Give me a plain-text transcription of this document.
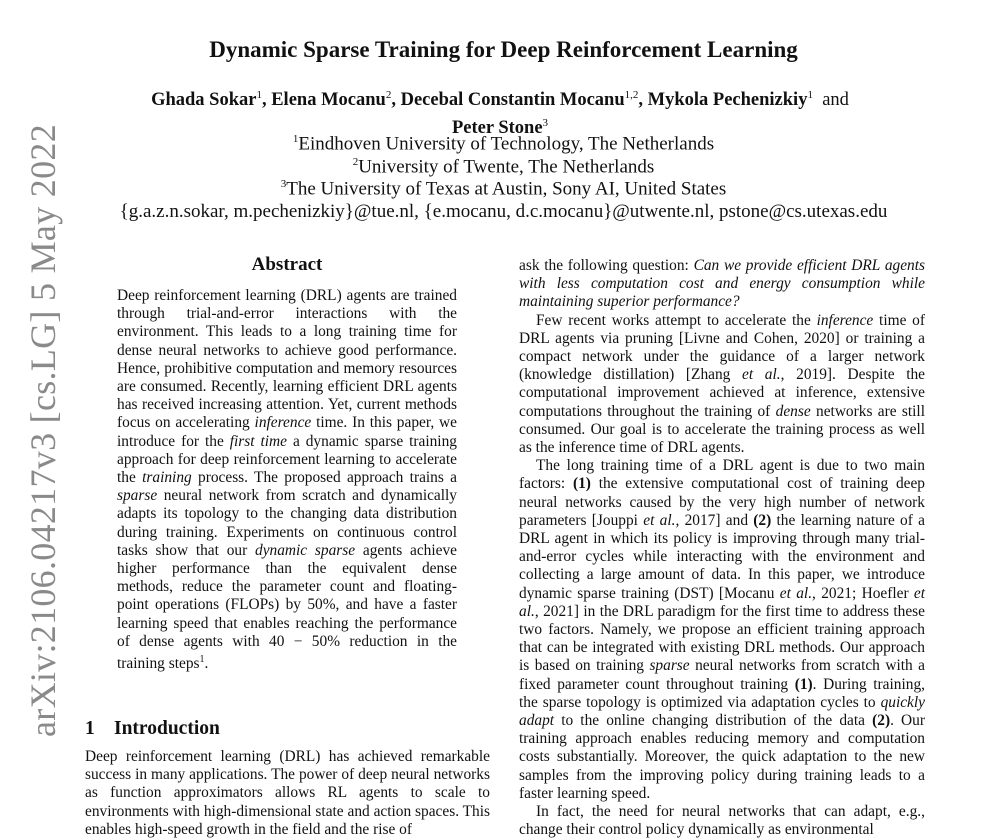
arXiv:2106.04217v3 [cs.LG] 5 May 2022
Dynamic Sparse Training for Deep Reinforcement Learning
Ghada Sokar$^1$, Elena Mocanu$^2$, Decebal Constantin Mocanu$^{1,2}$, Mykola Pechenizkiy$^1$ and
Peter Stone$^3$
$^1$Eindhoven University of Technology, The Netherlands
$^2$University of Twente, The Netherlands
$^3$The University of Texas at Austin, Sony AI, United States
{g.a.z.n.sokar, m.pechenizkiy}@tue.nl, {e.mocanu, d.c.mocanu}@utwente.nl, pstone@cs.utexas.edu
Abstract
Deep reinforcement learning (DRL) agents are trained through trial-and-error interactions with the environment. This leads to a long training time for dense neural networks to achieve good performance. Hence, prohibitive computation and memory resources are consumed. Recently, learning efficient DRL agents has received increasing attention. Yet, current methods focus on accelerating inference time. In this paper, we introduce for the first time a dynamic sparse training approach for deep reinforcement learning to accelerate the training process. The proposed approach trains a sparse neural network from scratch and dynamically adapts its topology to the changing data distribution during training. Experiments on continuous control tasks show that our dynamic sparse agents achieve higher performance than the equivalent dense methods, reduce the parameter count and floating-point operations (FLOPs) by 50%, and have a faster learning speed that enables reaching the performance of dense agents with 40 − 50% reduction in the training steps$^1$.
1 Introduction
Deep reinforcement learning (DRL) has achieved remarkable success in many applications. The power of deep neural networks as function approximators allows RL agents to scale to environments with high-dimensional state and action spaces. This enables high-speed growth in the field and the rise of

ask the following question: Can we provide efficient DRL agents with less computation cost and energy consumption while maintaining superior performance?

Few recent works attempt to accelerate the inference time of DRL agents via pruning [Livne and Cohen, 2020] or training a compact network under the guidance of a larger network (knowledge distillation) [Zhang et al., 2019]. Despite the computational improvement achieved at inference, extensive computations throughout the training of dense networks are still consumed. Our goal is to accelerate the training process as well as the inference time of DRL agents.

The long training time of a DRL agent is due to two main factors: (1) the extensive computational cost of training deep neural networks caused by the very high number of network parameters [Jouppi et al., 2017] and (2) the learning nature of a DRL agent in which its policy is improving through many trial-and-error cycles while interacting with the environment and collecting a large amount of data. In this paper, we introduce dynamic sparse training (DST) [Mocanu et al., 2021; Hoefler et al., 2021] in the DRL paradigm for the first time to address these two factors. Namely, we propose an efficient training approach that can be integrated with existing DRL methods. Our approach is based on training sparse neural networks from scratch with a fixed parameter count throughout training (1). During training, the sparse topology is optimized via adaptation cycles to quickly adapt to the online changing distribution of the data (2). Our training approach enables reducing memory and computation costs substantially. Moreover, the quick adaptation to the new samples from the improving policy during training leads to a faster learning speed.

In fact, the need for neural networks that can adapt, e.g., change their control policy dynamically as environmental
